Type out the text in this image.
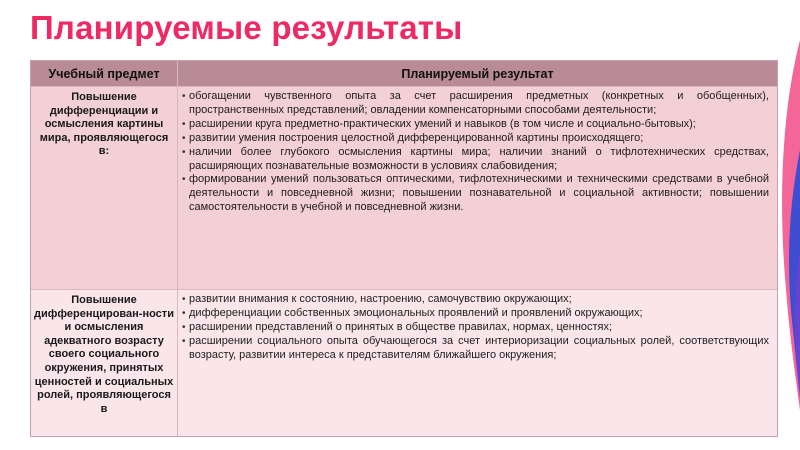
Планируемые результаты
Учебный предмет	Планируемый результат
Повышение дифференциации и осмысления картины мира, проявляющегося в:
• обогащении чувственного опыта за счет расширения предметных (конкретных и обобщенных), пространственных представлений; овладении компенсаторными способами деятельности;
• расширении круга предметно-практических умений и навыков (в том числе и социально-бытовых);
• развитии умения построения целостной дифференцированной картины происходящего;
• наличии более глубокого осмысления картины мира; наличии знаний о тифлотехнических средствах, расширяющих познавательные возможности в условиях слабовидения;
• формировании умений пользоваться оптическими, тифлотехническими и техническими средствами в учебной деятельности и повседневной жизни; повышении познавательной и социальной активности; повышении самостоятельности в учебной и повседневной жизни.
Повышение дифференцирован-ности и осмысления адекватного возрасту своего социального окружения, принятых ценностей и социальных ролей, проявляющегося в
• развитии внимания к состоянию, настроению, самочувствию окружающих;
• дифференциации собственных эмоциональных проявлений и проявлений окружающих;
• расширении представлений о принятых в обществе правилах, нормах, ценностях;
• расширении социального опыта обучающегося за счет интериоризации социальных ролей, соответствующих возрасту, развитии интереса к представителям ближайшего окружения;
